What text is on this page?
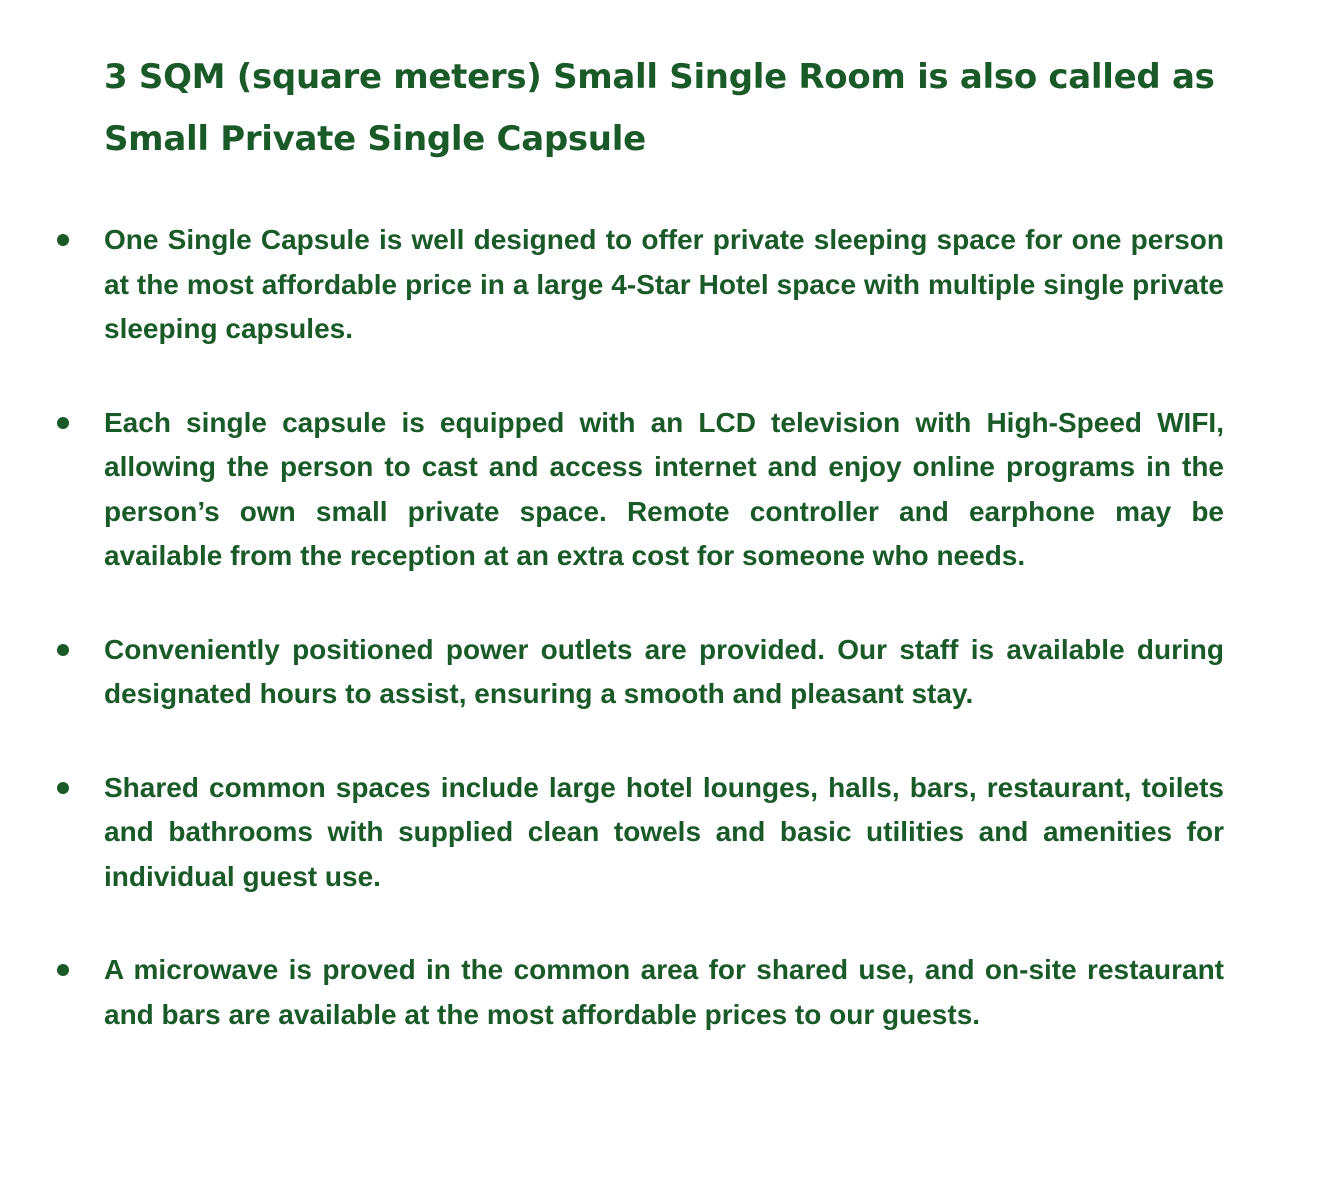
3 SQM (square meters) Small Single Room is also called as Small Private Single Capsule

One Single Capsule is well designed to offer private sleeping space for one person at the most affordable price in a large 4-Star Hotel space with multiple single private sleeping capsules.

Each single capsule is equipped with an LCD television with High-Speed WIFI, allowing the person to cast and access internet and enjoy online programs in the person’s own small private space. Remote controller and earphone may be available from the reception at an extra cost for someone who needs.

Conveniently positioned power outlets are provided. Our staff is available during designated hours to assist, ensuring a smooth and pleasant stay.

Shared common spaces include large hotel lounges, halls, bars, restaurant, toilets and bathrooms with supplied clean towels and basic utilities and amenities for individual guest use.

A microwave is proved in the common area for shared use, and on-site restaurant and bars are available at the most affordable prices to our guests.
